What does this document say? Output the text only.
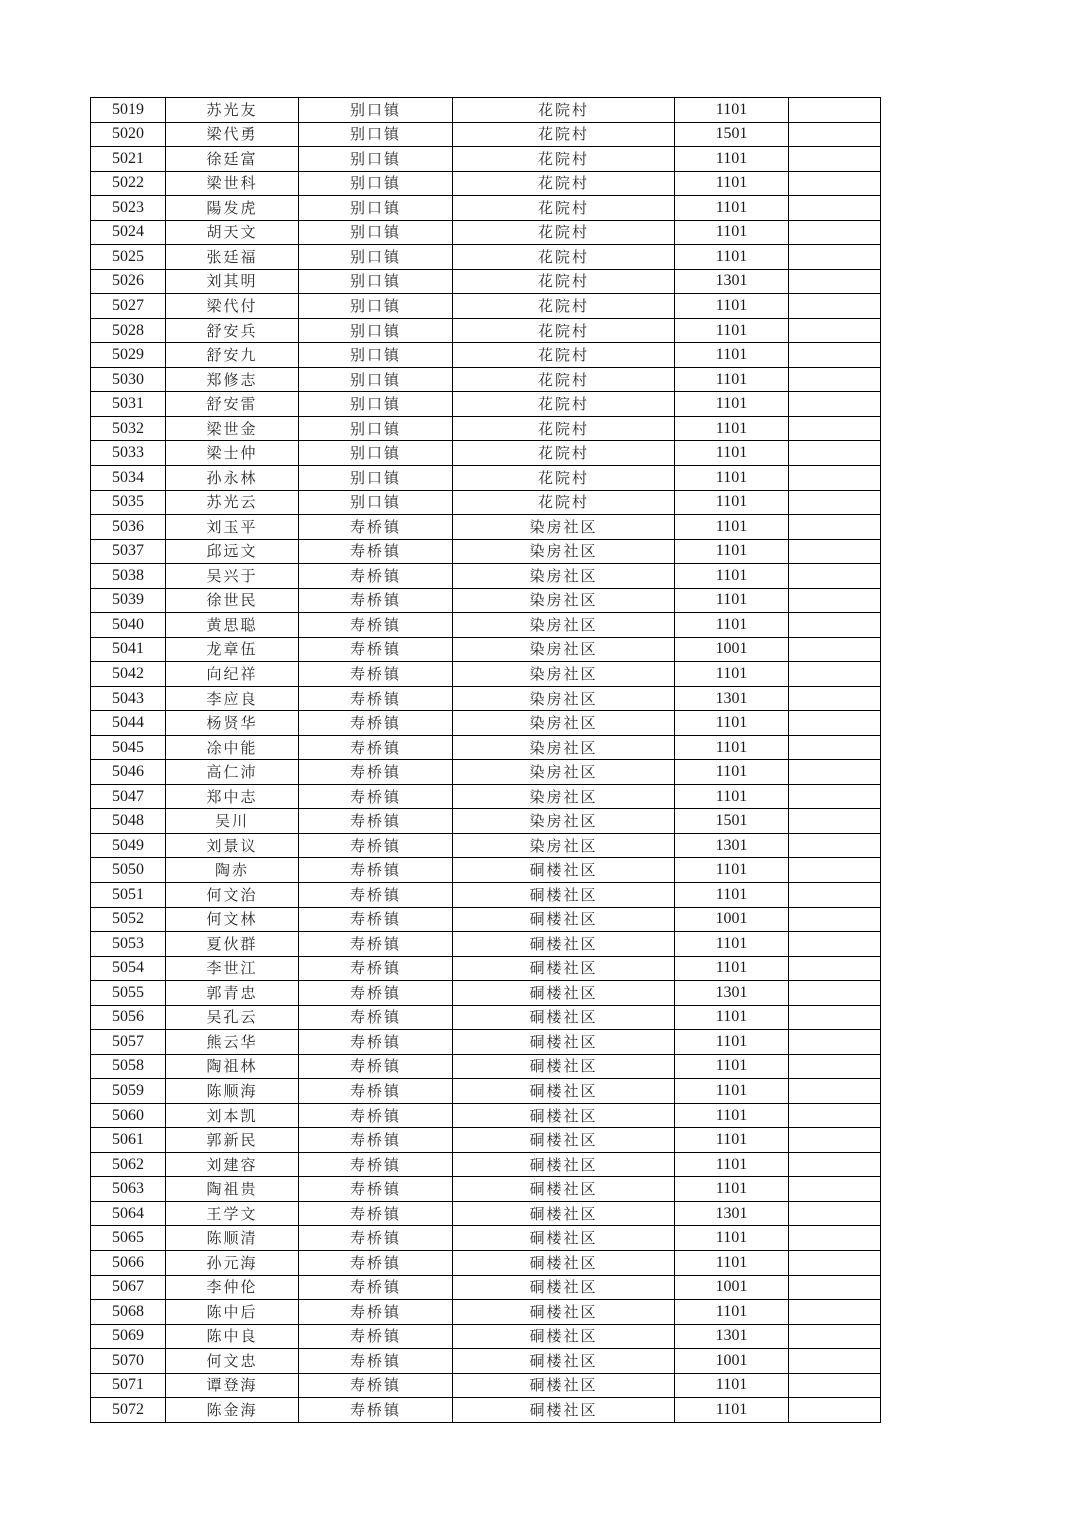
5019	苏光友	别口镇	花院村	1101	
5020	梁代勇	别口镇	花院村	1501	
5021	徐廷富	别口镇	花院村	1101	
5022	梁世科	别口镇	花院村	1101	
5023	陽发虎	别口镇	花院村	1101	
5024	胡天文	别口镇	花院村	1101	
5025	张廷福	别口镇	花院村	1101	
5026	刘其明	别口镇	花院村	1301	
5027	梁代付	别口镇	花院村	1101	
5028	舒安兵	别口镇	花院村	1101	
5029	舒安九	别口镇	花院村	1101	
5030	郑修志	别口镇	花院村	1101	
5031	舒安雷	别口镇	花院村	1101	
5032	梁世金	别口镇	花院村	1101	
5033	梁士仲	别口镇	花院村	1101	
5034	孙永林	别口镇	花院村	1101	
5035	苏光云	别口镇	花院村	1101	
5036	刘玉平	寿桥镇	染房社区	1101	
5037	邱远文	寿桥镇	染房社区	1101	
5038	吴兴于	寿桥镇	染房社区	1101	
5039	徐世民	寿桥镇	染房社区	1101	
5040	黄思聪	寿桥镇	染房社区	1101	
5041	龙章伍	寿桥镇	染房社区	1001	
5042	向纪祥	寿桥镇	染房社区	1101	
5043	李应良	寿桥镇	染房社区	1301	
5044	杨贤华	寿桥镇	染房社区	1101	
5045	凃中能	寿桥镇	染房社区	1101	
5046	高仁沛	寿桥镇	染房社区	1101	
5047	郑中志	寿桥镇	染房社区	1101	
5048	吴川	寿桥镇	染房社区	1501	
5049	刘景议	寿桥镇	染房社区	1301	
5050	陶赤	寿桥镇	硐楼社区	1101	
5051	何文治	寿桥镇	硐楼社区	1101	
5052	何文林	寿桥镇	硐楼社区	1001	
5053	夏伙群	寿桥镇	硐楼社区	1101	
5054	李世江	寿桥镇	硐楼社区	1101	
5055	郭青忠	寿桥镇	硐楼社区	1301	
5056	吴孔云	寿桥镇	硐楼社区	1101	
5057	熊云华	寿桥镇	硐楼社区	1101	
5058	陶祖林	寿桥镇	硐楼社区	1101	
5059	陈顺海	寿桥镇	硐楼社区	1101	
5060	刘本凯	寿桥镇	硐楼社区	1101	
5061	郭新民	寿桥镇	硐楼社区	1101	
5062	刘建容	寿桥镇	硐楼社区	1101	
5063	陶祖贵	寿桥镇	硐楼社区	1101	
5064	王学文	寿桥镇	硐楼社区	1301	
5065	陈顺清	寿桥镇	硐楼社区	1101	
5066	孙元海	寿桥镇	硐楼社区	1101	
5067	李仲伦	寿桥镇	硐楼社区	1001	
5068	陈中后	寿桥镇	硐楼社区	1101	
5069	陈中良	寿桥镇	硐楼社区	1301	
5070	何文忠	寿桥镇	硐楼社区	1001	
5071	谭登海	寿桥镇	硐楼社区	1101	
5072	陈金海	寿桥镇	硐楼社区	1101	
